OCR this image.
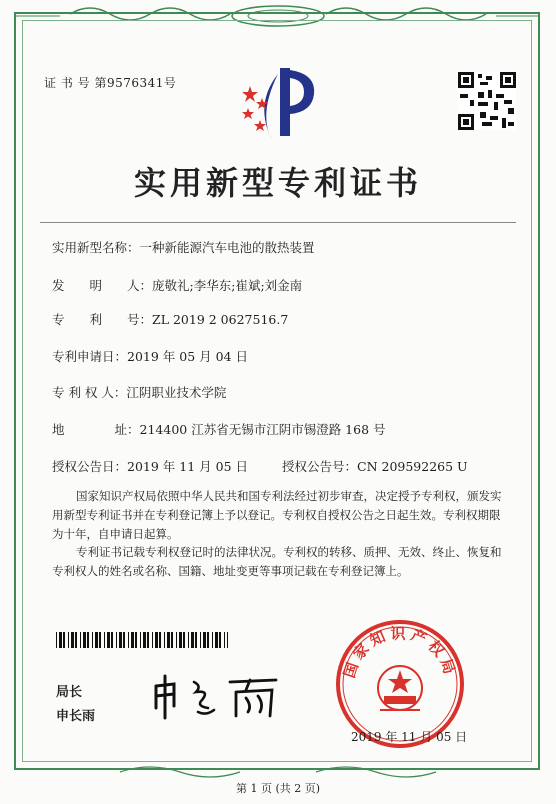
证 书 号 第9576341号
实用新型专利证书
实用新型名称：一种新能源汽车电池的散热装置
发　　明　　人：庞敬礼;李华东;崔斌;刘金南
专　　利　　号：ZL 2019 2 0627516.7
专利申请日：2019 年 05 月 04 日
专 利 权 人：江阴职业技术学院
地　　　　址：214400 江苏省无锡市江阴市锡澄路 168 号
授权公告日：2019 年 11 月 05 日	授权公告号：CN 209592265 U
国家知识产权局依照中华人民共和国专利法经过初步审查，决定授予专利权，颁发实用新型专利证书并在专利登记簿上予以登记。专利权自授权公告之日起生效。专利权期限为十年，自申请日起算。
专利证书记载专利权登记时的法律状况。专利权的转移、质押、无效、终止、恢复和专利权人的姓名或名称、国籍、地址变更等事项记载在专利登记簿上。
局长
申长雨
国家知识产权局
2019 年 11 月 05 日
第 1 页 (共 2 页)
